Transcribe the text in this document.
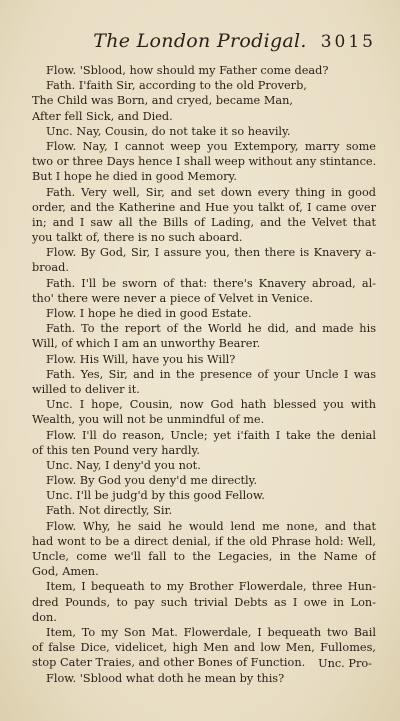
The London Prodigal. 3015
Flow. 'Sblood, how should my Father come dead?
Fath. I'faith Sir, according to the old Proverb,
The Child was Born, and cryed, became Man,
After fell Sick, and Died.
Unc. Nay, Cousin, do not take it so heavily.
Flow. Nay, I cannot weep you Extempory, marry some
two or three Days hence I shall weep without any stintance.
But I hope he died in good Memory.
Fath. Very well, Sir, and set down every thing in good
order, and the Katherine and Hue you talkt of, I came over
in; and I saw all the Bills of Lading, and the Velvet that
you talkt of, there is no such aboard.
Flow. By God, Sir, I assure you, then there is Knavery a-
broad.
Fath. I'll be sworn of that: there's Knavery abroad, al-
tho' there were never a piece of Velvet in Venice.
Flow. I hope he died in good Estate.
Fath. To the report of the World he did, and made his
Will, of which I am an unworthy Bearer.
Flow. His Will, have you his Will?
Fath. Yes, Sir, and in the presence of your Uncle I was
willed to deliver it.
Unc. I hope, Cousin, now God hath blessed you with
Wealth, you will not be unmindful of me.
Flow. I'll do reason, Uncle; yet i'faith I take the denial
of this ten Pound very hardly.
Unc. Nay, I deny'd you not.
Flow. By God you deny'd me directly.
Unc. I'll be judg'd by this good Fellow.
Fath. Not directly, Sir.
Flow. Why, he said he would lend me none, and that
had wont to be a direct denial, if the old Phrase hold: Well,
Uncle, come we'll fall to the Legacies, in the Name of
God, Amen.
Item, I bequeath to my Brother Flowerdale, three Hun-
dred Pounds, to pay such trivial Debts as I owe in Lon-
don.
Item, To my Son Mat. Flowerdale, I bequeath two Bail
of false Dice, videlicet, high Men and low Men, Fullomes,
stop Cater Traies, and other Bones of Function.
Flow. 'Sblood what doth he mean by this?
Unc. Pro-
